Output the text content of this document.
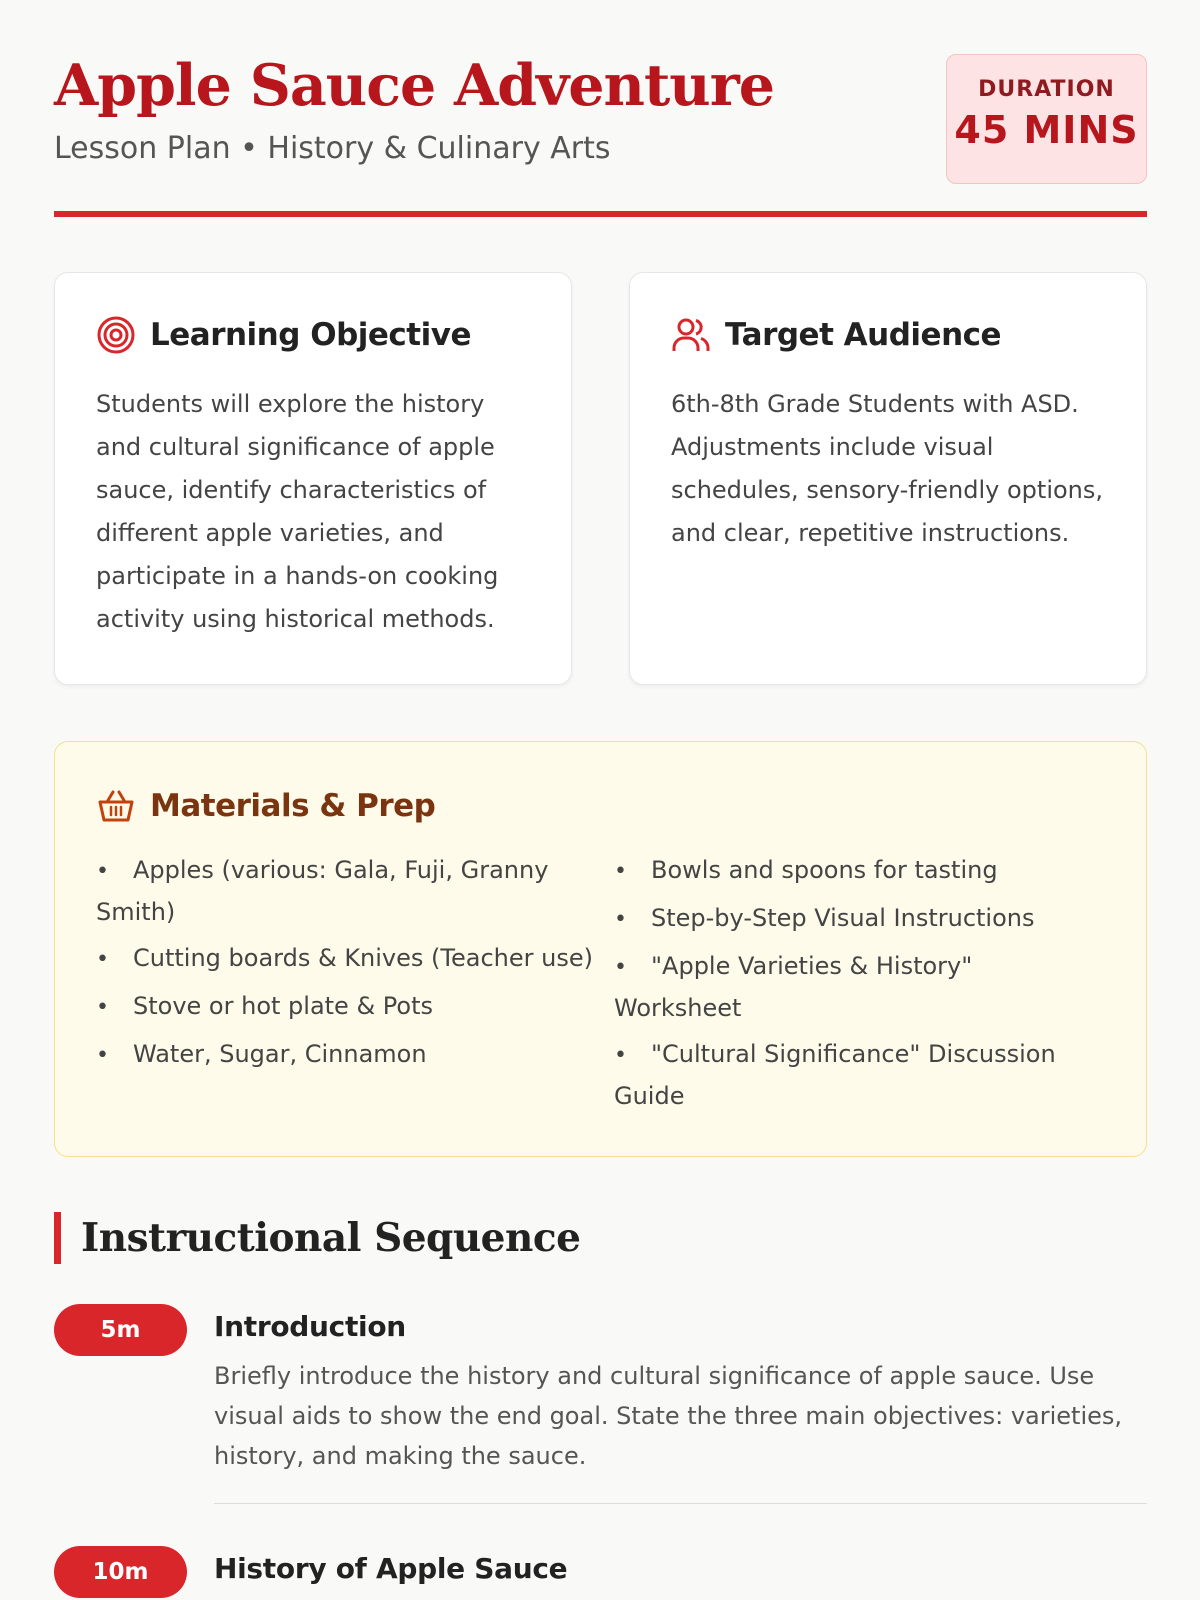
Apple Sauce Adventure
Lesson Plan • History & Culinary Arts
DURATION
45 MINS
Learning Objective

Students will explore the history and cultural significance of apple sauce, identify characteristics of different apple varieties, and participate in a hands-on cooking activity using historical methods.

Target Audience

6th-8th Grade Students with ASD. Adjustments include visual schedules, sensory-friendly options, and clear, repetitive instructions.

Materials & Prep
•Apples (various: Gala, Fuji, Granny Smith)
•Cutting boards & Knives (Teacher use)
•Stove or hot plate & Pots
•Water, Sugar, Cinnamon
•Bowls and spoons for tasting
•Step-by-Step Visual Instructions
•"Apple Varieties & History" Worksheet
•"Cultural Significance" Discussion Guide
Instructional Sequence
5m	Introduction

Briefly introduce the history and cultural significance of apple sauce. Use visual aids to show the end goal. State the three main objectives: varieties, history, and making the sauce.

10m	History of Apple Sauce
